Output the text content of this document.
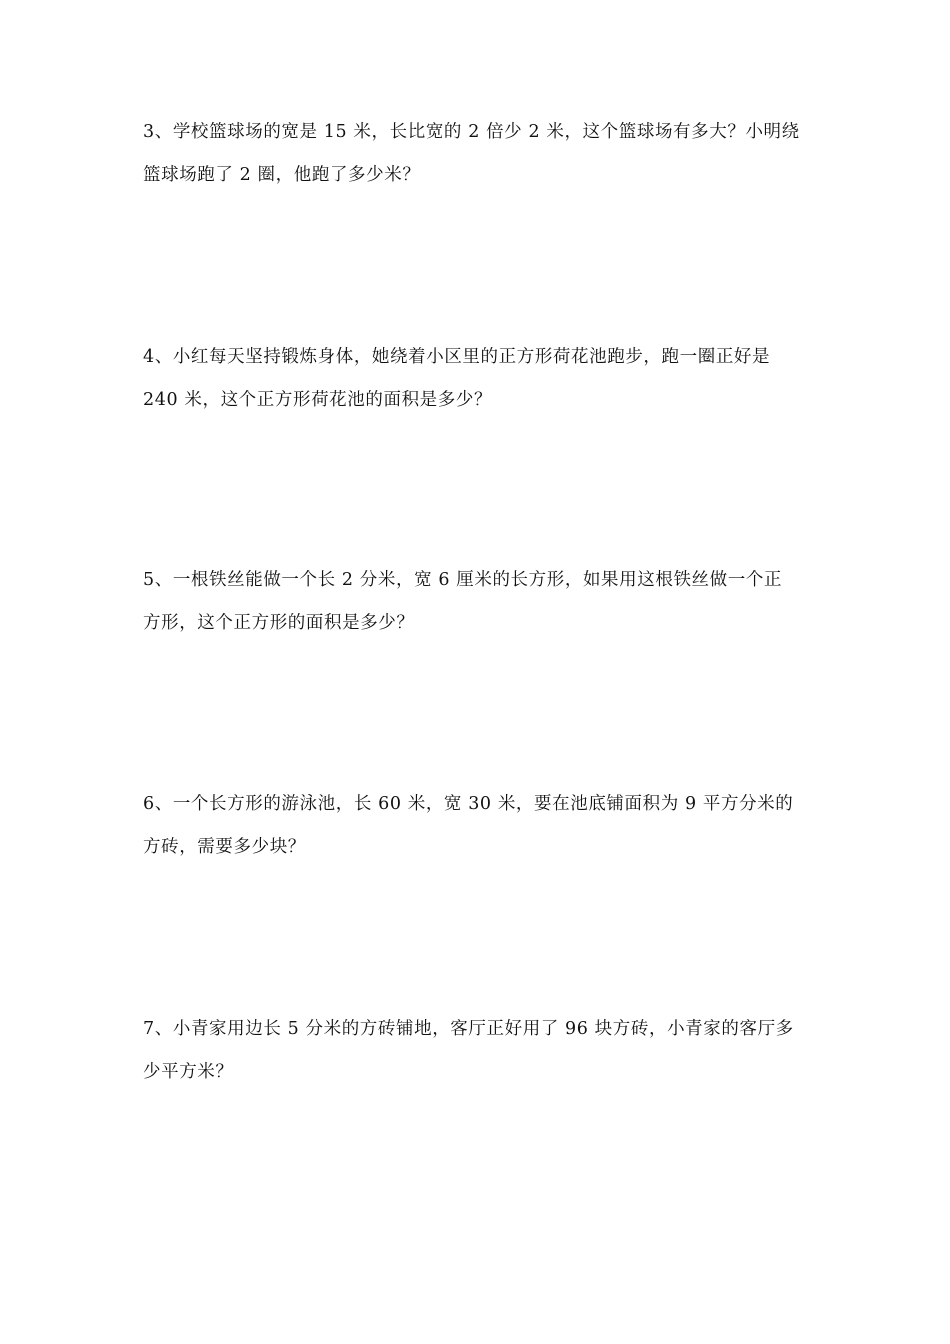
3、学校篮球场的宽是 15 米，长比宽的 2 倍少 2 米，这个篮球场有多大？小明绕
篮球场跑了 2 圈，他跑了多少米？

4、小红每天坚持锻炼身体，她绕着小区里的正方形荷花池跑步，跑一圈正好是
240 米，这个正方形荷花池的面积是多少？

5、一根铁丝能做一个长 2 分米，宽 6 厘米的长方形，如果用这根铁丝做一个正
方形，这个正方形的面积是多少？

6、一个长方形的游泳池，长 60 米，宽 30 米，要在池底铺面积为 9 平方分米的
方砖，需要多少块？

7、小青家用边长 5 分米的方砖铺地，客厅正好用了 96 块方砖，小青家的客厅多
少平方米？
